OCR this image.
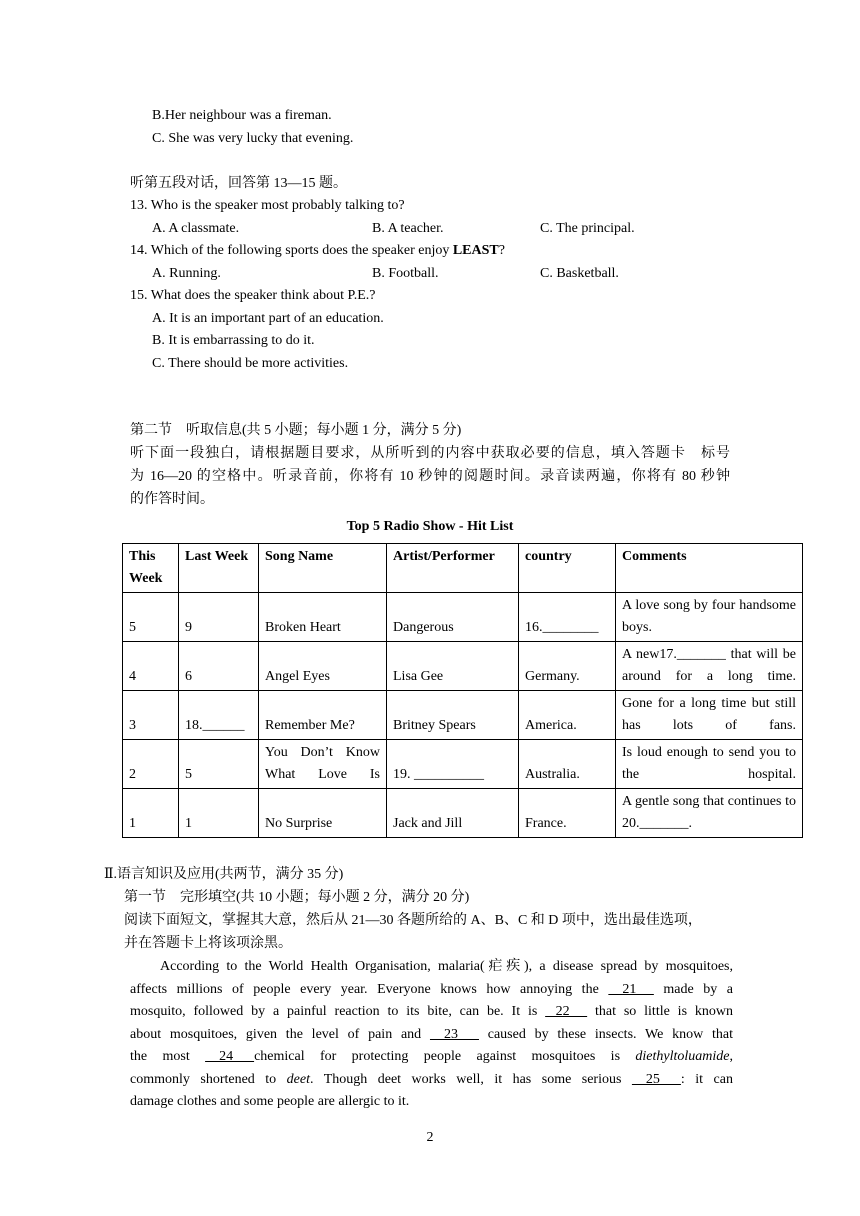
B.Her neighbour was a fireman.
C. She was very lucky that evening.
听第五段对话，回答第 13—15 题。
13. Who is the speaker most probably talking to?
A. A classmate.	B. A teacher.	C. The principal.
14. Which of the following sports does the speaker enjoy LEAST?
A. Running.	B. Football.	C. Basketball.
15. What does the speaker think about P.E.?
A. It is an important part of an education.
B. It is embarrassing to do it.
C. There should be more activities.
第二节　听取信息(共 5 小题；每小题 1 分，满分 5 分)
听下面一段独白，请根据题目要求，从所听到的内容中获取必要的信息，填入答题卡　标号
为 16—20 的空格中。听录音前，你将有 10 秒钟的阅题时间。录音读两遍，你将有 80 秒钟
的作答时间。
Top 5 Radio Show - Hit List
This Week	Last Week	Song Name	Artist/Performer	country	Comments
5	9	Broken Heart	Dangerous	16.________	A love song by four handsome boys.

4	6	Angel Eyes	Lisa Gee	Germany.	A new17._______ that will be around for a long time.

3	18.______	Remember Me?	Britney Spears	America.	Gone for a long time but still has lots of fans.

2	5	You Don’t Know What Love Is	19. __________	Australia.	Is loud enough to send you to the hospital.

1	1	No Surprise	Jack and Jill	France.	A gentle song that continues to 20._______.
Ⅱ.语言知识及应用(共两节，满分 35 分)
第一节　完形填空(共 10 小题；每小题 2 分，满分 20 分)
阅读下面短文，掌握其大意，然后从 21—30 各题所给的 A、B、C 和 D 项中，选出最佳选项，
并在答题卡上将该项涂黑。
According to the World Health Organisation, malaria(疟疾), a disease spread by mosquitoes,
affects millions of people every year. Everyone knows how annoying the     21      made by a
mosquito, followed by a painful reaction to its bite, can be. It is    22      that so little is known
about mosquitoes, given the level of pain and     23       caused by these insects. We know that
the most     24      chemical for protecting people against mosquitoes is diethyltoluamide,
commonly shortened to deet. Though deet works well, it has some serious     25      : it can
damage clothes and some people are allergic to it.
2
